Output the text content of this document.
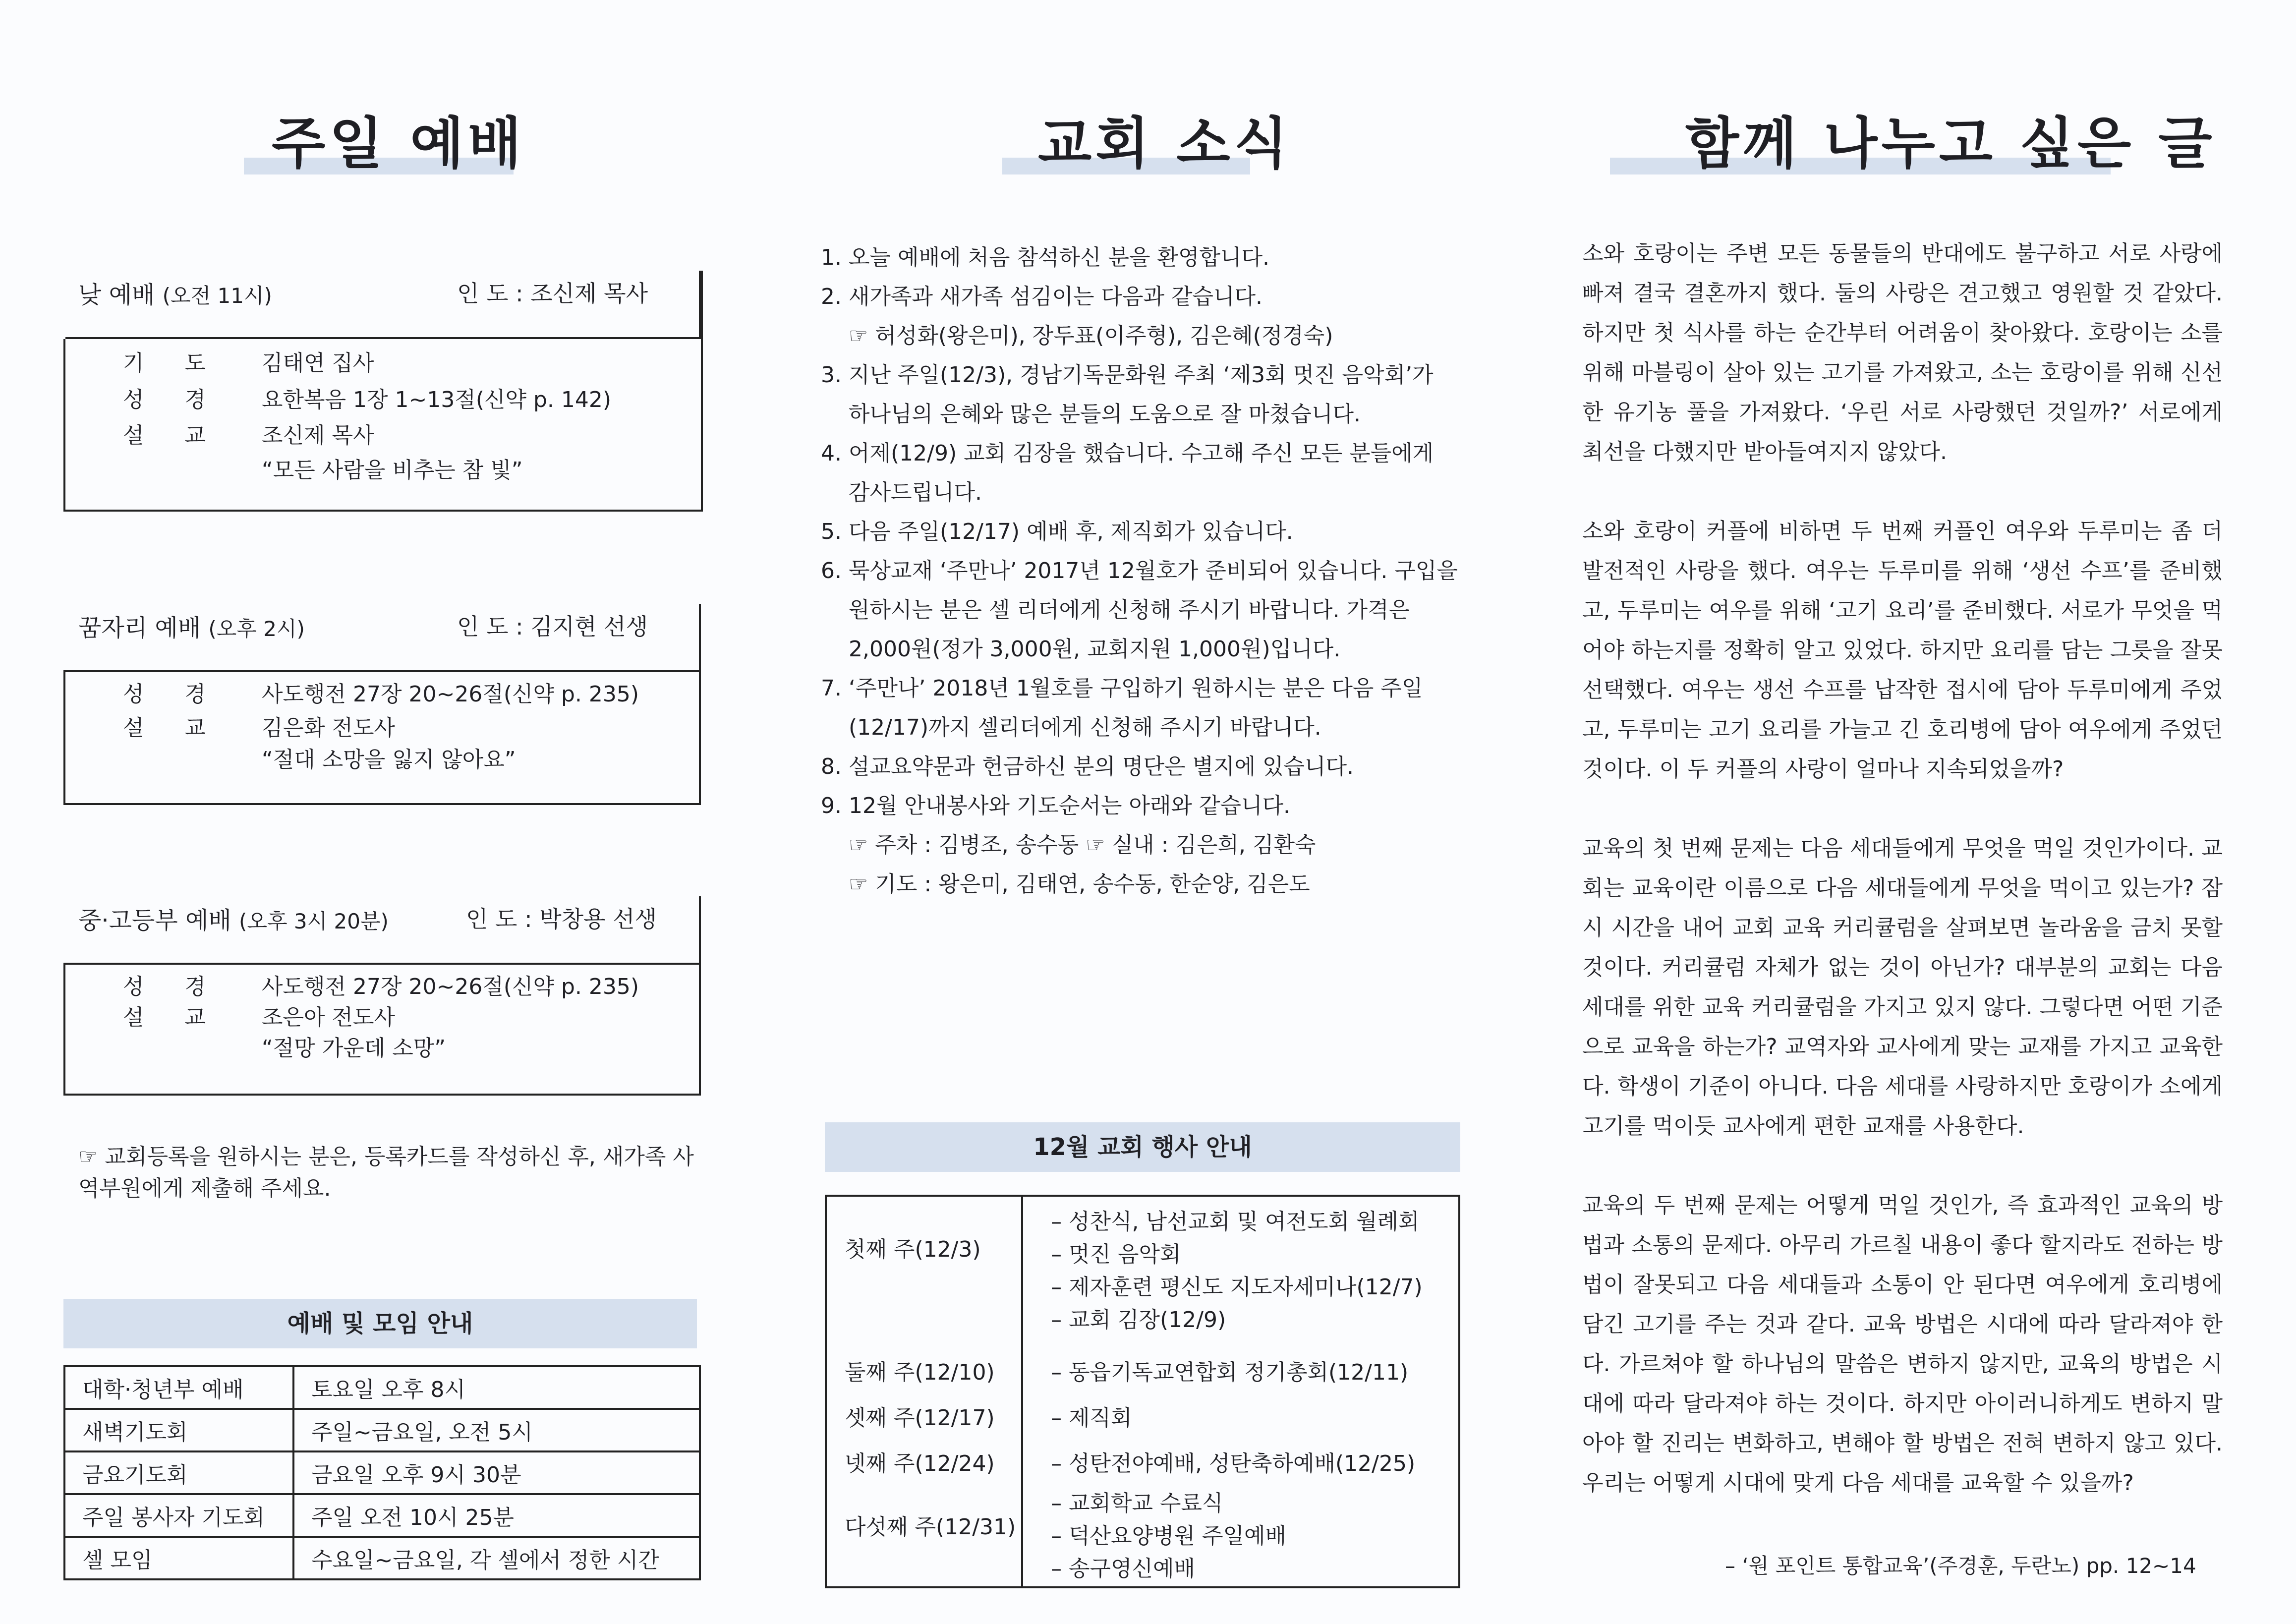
주일 예배
낮 예배 (오전 11시)	인 도 : 조신제 목사
기 도 김태연 집사
성 경 요한복음 1장 1~13절(신약 p. 142)
설 교 조신제 목사
“모든 사람을 비추는 참 빛”
꿈자리 예배 (오후 2시)	인 도 : 김지현 선생
성 경 사도행전 27장 20~26절(신약 p. 235)
설 교 김은화 전도사
“절대 소망을 잃지 않아요”
중·고등부 예배 (오후 3시 20분)	인 도 : 박창용 선생
성 경 사도행전 27장 20~26절(신약 p. 235)
설 교 조은아 전도사
“절망 가운데 소망”
☞ 교회등록을 원하시는 분은, 등록카드를 작성하신 후, 새가족 사역부원에게 제출해 주세요.
예배 및 모임 안내
대학·청년부 예배	토요일 오후 8시
새벽기도회	주일~금요일, 오전 5시
금요기도회	금요일 오후 9시 30분
주일 봉사자 기도회	주일 오전 10시 25분
셀 모임	수요일~금요일, 각 셀에서 정한 시간
교회 소식

1. 오늘 예배에 처음 참석하신 분을 환영합니다.

2. 새가족과 새가족 섬김이는 다음과 같습니다.

☞ 허성화(왕은미), 장두표(이주형), 김은혜(정경숙)

3. 지난 주일(12/3), 경남기독문화원 주최 ‘제3회 멋진 음악회’가

하나님의 은혜와 많은 분들의 도움으로 잘 마쳤습니다.

4. 어제(12/9) 교회 김장을 했습니다. 수고해 주신 모든 분들에게

감사드립니다.

5. 다음 주일(12/17) 예배 후, 제직회가 있습니다.

6. 묵상교재 ‘주만나’ 2017년 12월호가 준비되어 있습니다. 구입을

원하시는 분은 셀 리더에게 신청해 주시기 바랍니다. 가격은

2,000원(정가 3,000원, 교회지원 1,000원)입니다.

7. ‘주만나’ 2018년 1월호를 구입하기 원하시는 분은 다음 주일

(12/17)까지 셀리더에게 신청해 주시기 바랍니다.

8. 설교요약문과 헌금하신 분의 명단은 별지에 있습니다.

9. 12월 안내봉사와 기도순서는 아래와 같습니다.

☞ 주차 : 김병조, 송수동 ☞ 실내 : 김은희, 김환숙

☞ 기도 : 왕은미, 김태연, 송수동, 한순양, 김은도

12월 교회 행사 안내
첫째 주(12/3)
– 성찬식, 남선교회 및 여전도회 월례회
– 멋진 음악회
– 제자훈련 평신도 지도자세미나(12/7)
– 교회 김장(12/9)
둘째 주(12/10)	– 동읍기독교연합회 정기총회(12/11)
셋째 주(12/17)	– 제직회
넷째 주(12/24)	– 성탄전야예배, 성탄축하예배(12/25)
다섯째 주(12/31)
– 교회학교 수료식
– 덕산요양병원 주일예배
– 송구영신예배
함께 나누고 싶은 글

소와 호랑이는 주변 모든 동물들의 반대에도 불구하고 서로 사랑에 빠져 결국 결혼까지 했다. 둘의 사랑은 견고했고 영원할 것 같았다. 하지만 첫 식사를 하는 순간부터 어려움이 찾아왔다. 호랑이는 소를 위해 마블링이 살아 있는 고기를 가져왔고, 소는 호랑이를 위해 신선한 유기농 풀을 가져왔다. ‘우린 서로 사랑했던 것일까?’ 서로에게 최선을 다했지만 받아들여지지 않았다.

소와 호랑이 커플에 비하면 두 번째 커플인 여우와 두루미는 좀 더 발전적인 사랑을 했다. 여우는 두루미를 위해 ‘생선 수프’를 준비했고, 두루미는 여우를 위해 ‘고기 요리’를 준비했다. 서로가 무엇을 먹어야 하는지를 정확히 알고 있었다. 하지만 요리를 담는 그릇을 잘못 선택했다. 여우는 생선 수프를 납작한 접시에 담아 두루미에게 주었고, 두루미는 고기 요리를 가늘고 긴 호리병에 담아 여우에게 주었던 것이다. 이 두 커플의 사랑이 얼마나 지속되었을까?

교육의 첫 번째 문제는 다음 세대들에게 무엇을 먹일 것인가이다. 교회는 교육이란 이름으로 다음 세대들에게 무엇을 먹이고 있는가? 잠시 시간을 내어 교회 교육 커리큘럼을 살펴보면 놀라움을 금치 못할 것이다. 커리큘럼 자체가 없는 것이 아닌가? 대부분의 교회는 다음 세대를 위한 교육 커리큘럼을 가지고 있지 않다. 그렇다면 어떤 기준으로 교육을 하는가? 교역자와 교사에게 맞는 교재를 가지고 교육한다. 학생이 기준이 아니다. 다음 세대를 사랑하지만 호랑이가 소에게 고기를 먹이듯 교사에게 편한 교재를 사용한다.

교육의 두 번째 문제는 어떻게 먹일 것인가, 즉 효과적인 교육의 방법과 소통의 문제다. 아무리 가르칠 내용이 좋다 할지라도 전하는 방법이 잘못되고 다음 세대들과 소통이 안 된다면 여우에게 호리병에 담긴 고기를 주는 것과 같다. 교육 방법은 시대에 따라 달라져야 한다. 가르쳐야 할 하나님의 말씀은 변하지 않지만, 교육의 방법은 시대에 따라 달라져야 하는 것이다. 하지만 아이러니하게도 변하지 말아야 할 진리는 변화하고, 변해야 할 방법은 전혀 변하지 않고 있다. 우리는 어떻게 시대에 맞게 다음 세대를 교육할 수 있을까?

– ‘원 포인트 통합교육’(주경훈, 두란노) pp. 12~14
